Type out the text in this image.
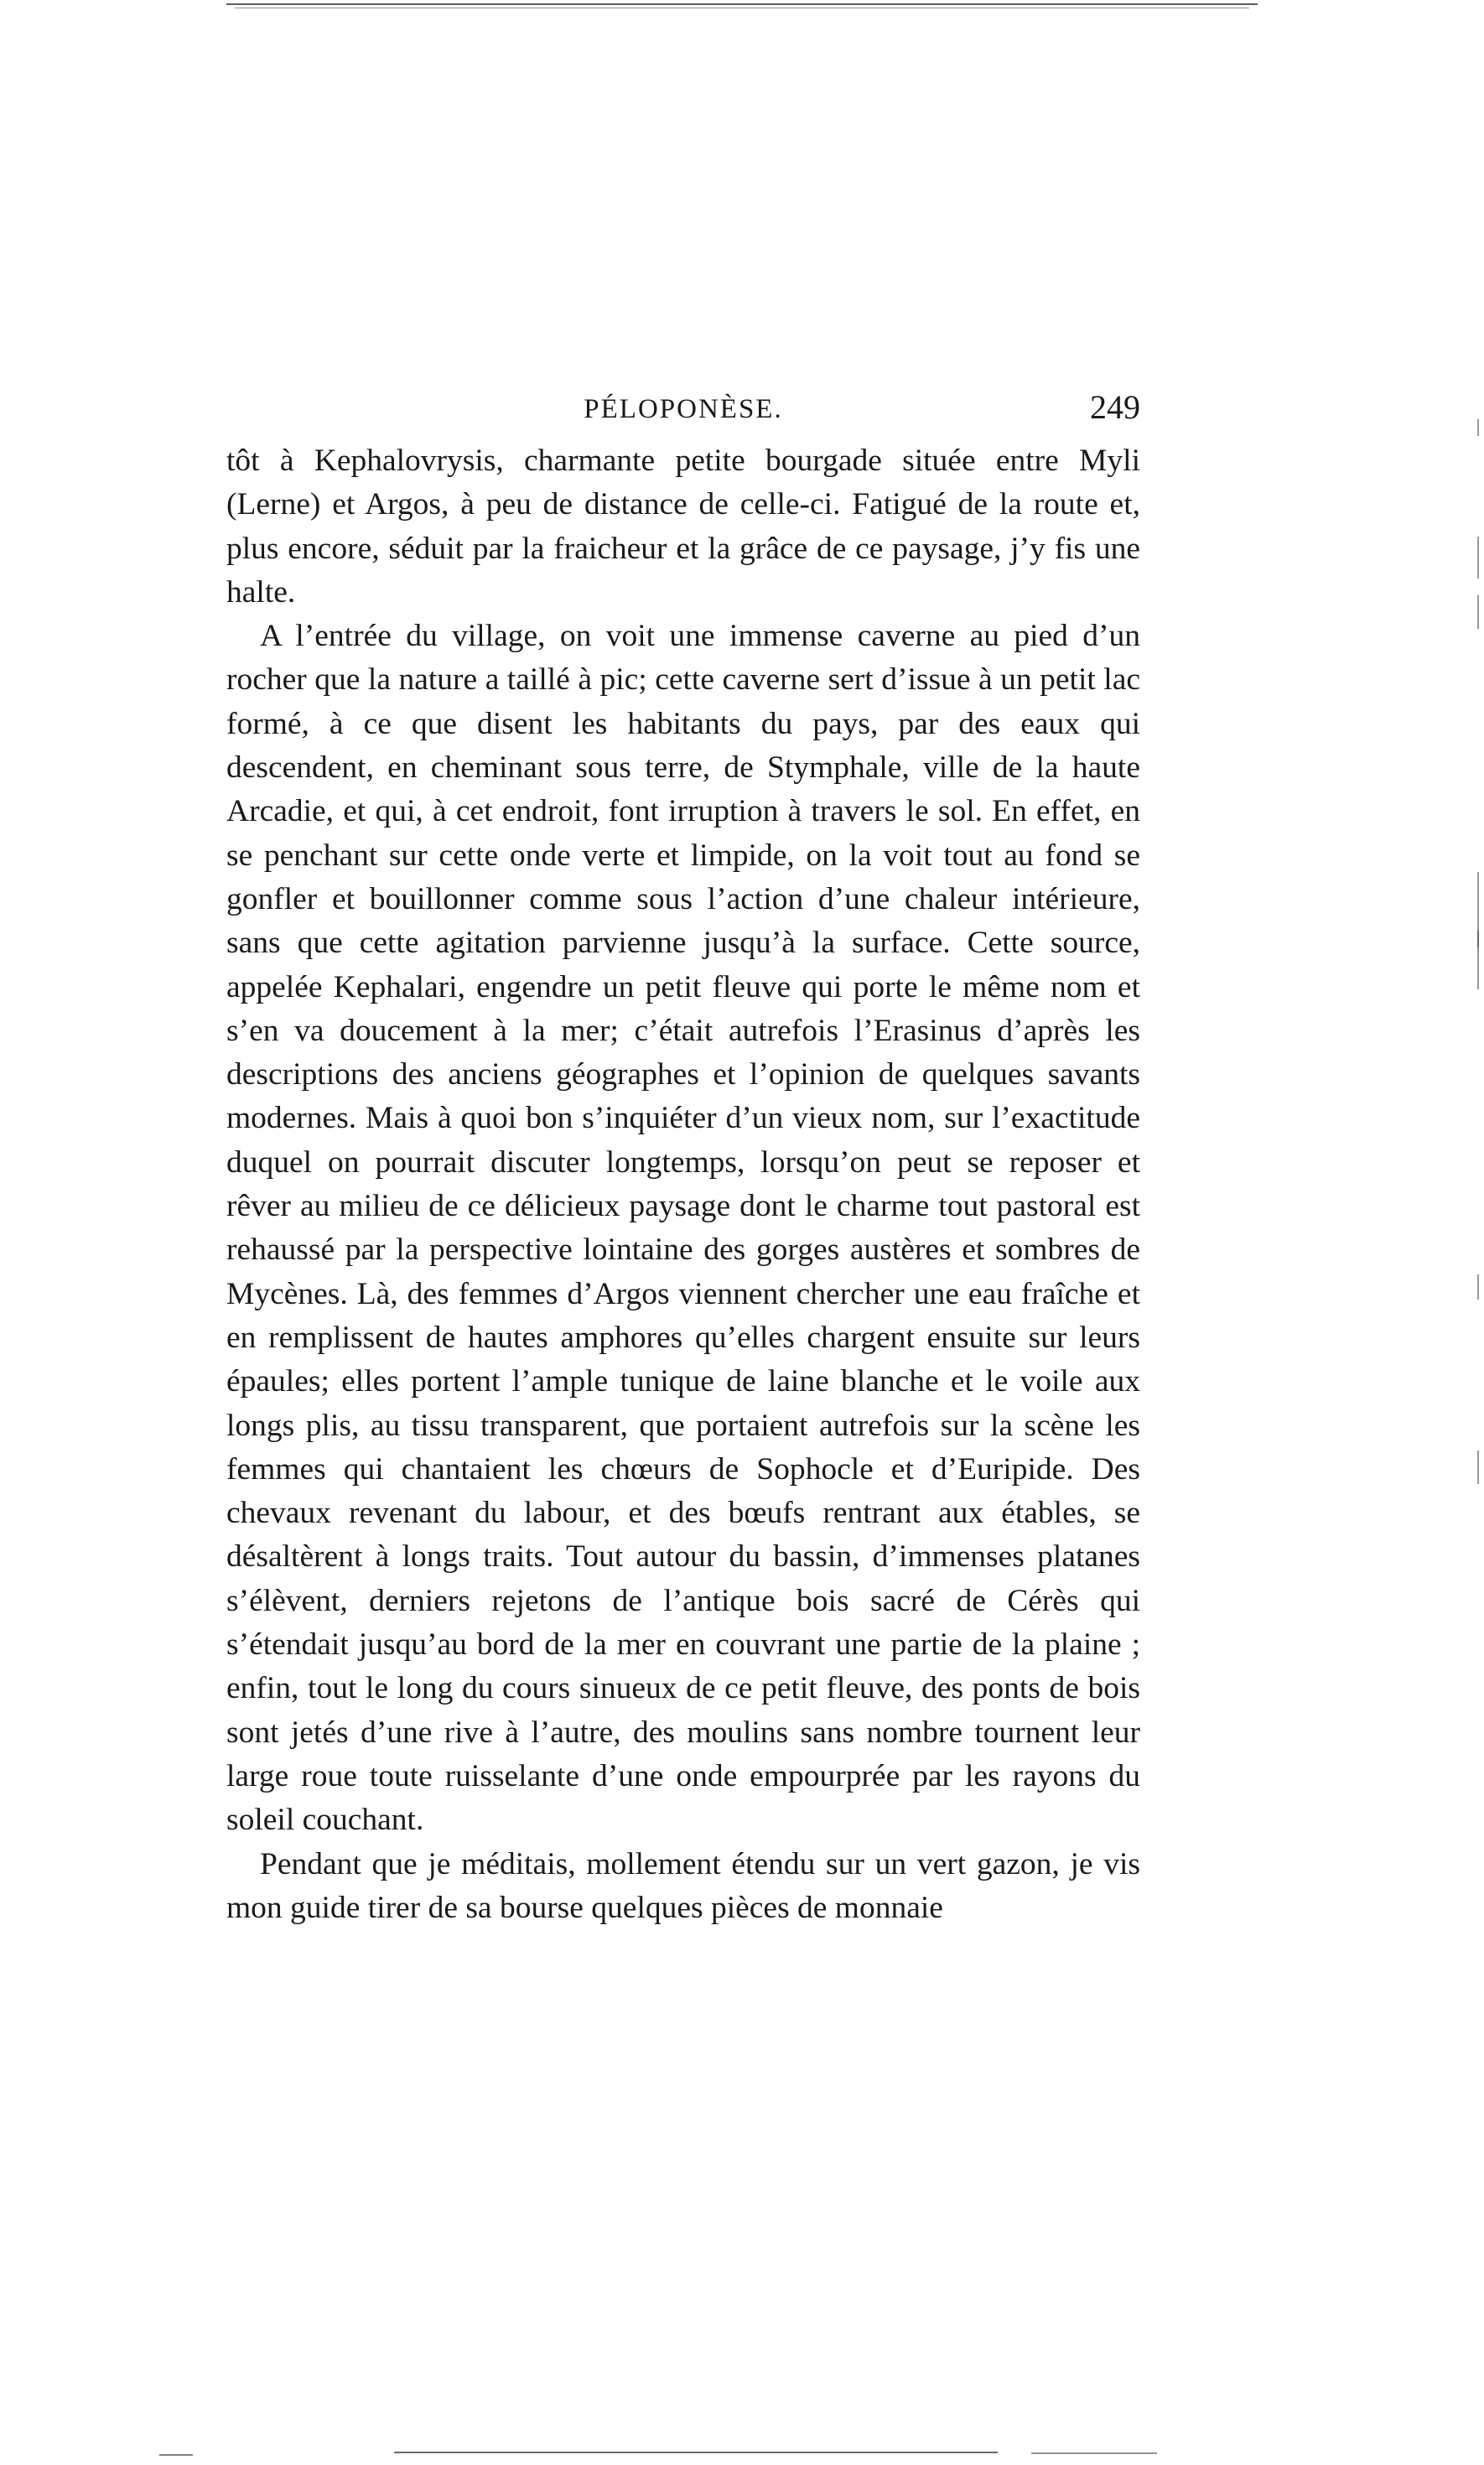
PÉLOPONÈSE.	249

tôt à Kephalovrysis, charmante petite bourgade située entre Myli (Lerne) et Argos, à peu de distance de celle-ci. Fatigué de la route et, plus encore, séduit par la fraicheur et la grâce de ce paysage, j’y fis une halte.

A l’entrée du village, on voit une immense caverne au pied d’un rocher que la nature a taillé à pic; cette caverne sert d’issue à un petit lac formé, à ce que disent les habitants du pays, par des eaux qui descendent, en cheminant sous terre, de Stymphale, ville de la haute Arcadie, et qui, à cet endroit, font irruption à travers le sol. En effet, en se penchant sur cette onde verte et limpide, on la voit tout au fond se gonfler et bouillonner comme sous l’action d’une chaleur intérieure, sans que cette agitation parvienne jusqu’à la surface. Cette source, appelée Kephalari, engendre un petit fleuve qui porte le même nom et s’en va doucement à la mer; c’était autrefois l’Erasinus d’après les descriptions des anciens géographes et l’opinion de quelques savants modernes. Mais à quoi bon s’inquiéter d’un vieux nom, sur l’exactitude duquel on pourrait discuter longtemps, lorsqu’on peut se reposer et rêver au milieu de ce délicieux paysage dont le charme tout pastoral est rehaussé par la perspective lointaine des gorges austères et sombres de Mycènes. Là, des femmes d’Argos viennent chercher une eau fraîche et en remplissent de hautes amphores qu’elles chargent ensuite sur leurs épaules; elles portent l’ample tunique de laine blanche et le voile aux longs plis, au tissu transparent, que portaient autrefois sur la scène les femmes qui chantaient les chœurs de Sophocle et d’Euripide. Des chevaux revenant du labour, et des bœufs rentrant aux étables, se désaltèrent à longs traits. Tout autour du bassin, d’immenses platanes s’élèvent, derniers rejetons de l’antique bois sacré de Cérès qui s’étendait jusqu’au bord de la mer en couvrant une partie de la plaine ; enfin, tout le long du cours sinueux de ce petit fleuve, des ponts de bois sont jetés d’une rive à l’autre, des moulins sans nombre tournent leur large roue toute ruisselante d’une onde empourprée par les rayons du soleil couchant.

Pendant que je méditais, mollement étendu sur un vert gazon, je vis mon guide tirer de sa bourse quelques pièces de monnaie
